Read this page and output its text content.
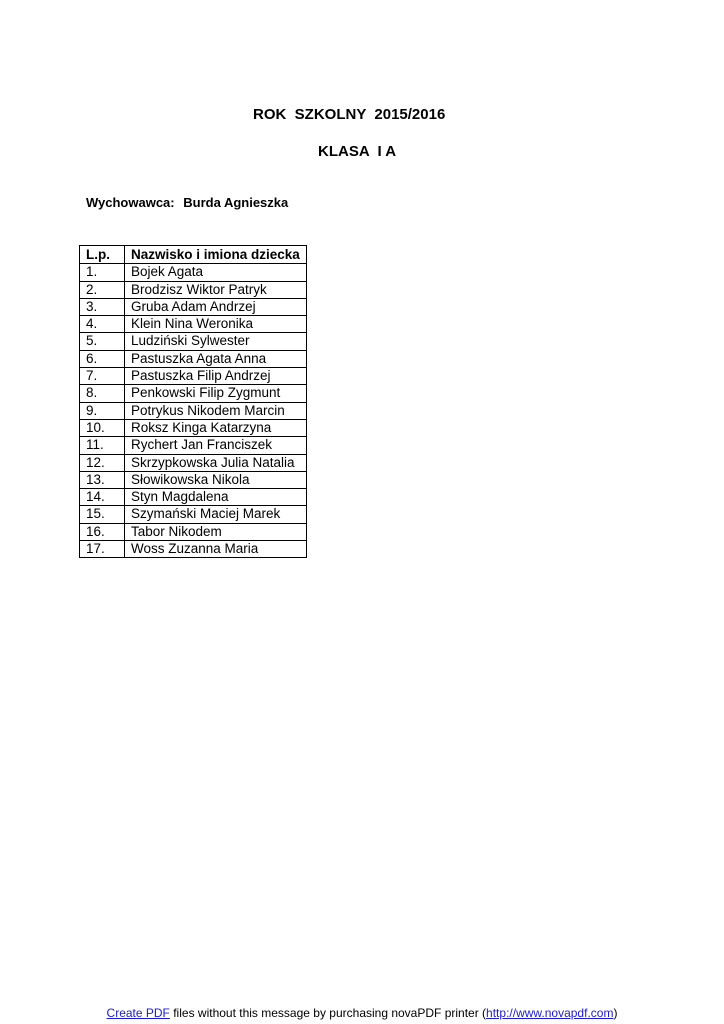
ROK  SZKOLNY  2015/2016
KLASA  I A
Wychowawca: Burda Agnieszka
L.p.	Nazwisko i imiona dziecka
1.	Bojek Agata
2.	Brodzisz Wiktor Patryk
3.	Gruba Adam Andrzej
4.	Klein Nina Weronika
5.	Ludziński Sylwester
6.	Pastuszka Agata Anna
7.	Pastuszka Filip Andrzej
8.	Penkowski Filip Zygmunt
9.	Potrykus Nikodem Marcin
10.	Roksz Kinga Katarzyna
11.	Rychert Jan Franciszek
12.	Skrzypkowska Julia Natalia
13.	Słowikowska Nikola
14.	Styn Magdalena
15.	Szymański Maciej Marek
16.	Tabor Nikodem
17.	Woss Zuzanna Maria
Create PDF files without this message by purchasing novaPDF printer (http://www.novapdf.com)
